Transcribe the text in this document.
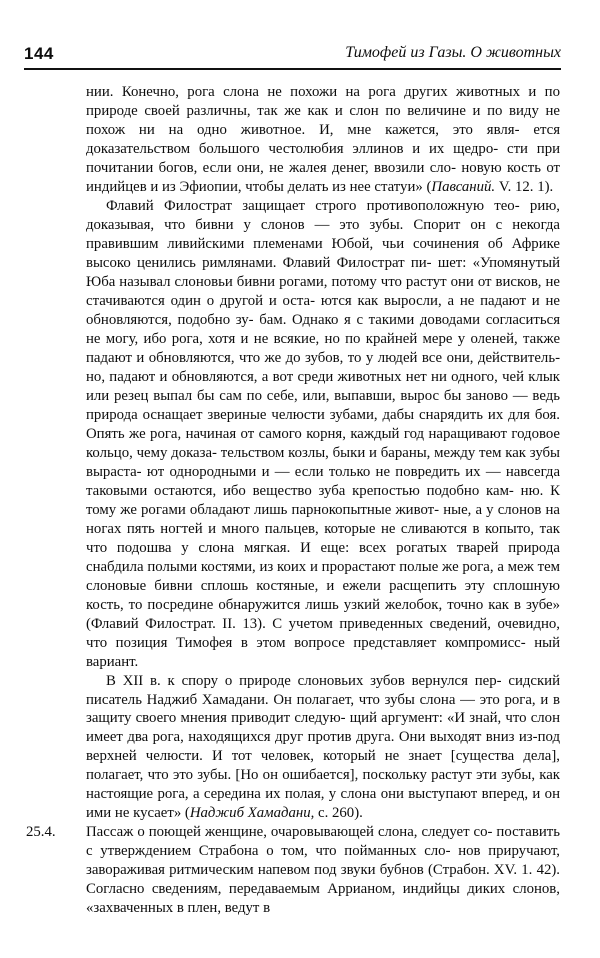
144	Тимофей из Газы. О животных

нии. Конечно, рога слона не похожи на рога других животных и по природе своей различны, так же как и слон по величине и по виду не похож ни на одно животное. И, мне кажется, это явля- ется доказательством большого честолюбия эллинов и их щедро- сти при почитании богов, если они, не жалея денег, ввозили сло- новую кость от индийцев и из Эфиопии, чтобы делать из нее статуи» (Павсаний. V. 12. 1).

Флавий Филострат защищает строго противоположную тео- рию, доказывая, что бивни у слонов — это зубы. Спорит он с некогда правившим ливийскими племенами Юбой, чьи сочинения об Африке высоко ценились римлянами. Флавий Филострат пи- шет: «Упомянутый Юба называл слоновьи бивни рогами, потому что растут они от висков, не стачиваются один о другой и оста- ются как выросли, а не падают и не обновляются, подобно зу- бам. Однако я с такими доводами согласиться не могу, ибо рога, хотя и не всякие, но по крайней мере у оленей, также падают и обновляются, что же до зубов, то у людей все они, действитель- но, падают и обновляются, а вот среди животных нет ни одного, чей клык или резец выпал бы сам по себе, или, выпавши, вырос бы заново — ведь природа оснащает звериные челюсти зубами, дабы снарядить их для боя. Опять же рога, начиная от самого корня, каждый год наращивают годовое кольцо, чему доказа- тельством козлы, быки и бараны, между тем как зубы выраста- ют однородными и — если только не повредить их — навсегда таковыми остаются, ибо вещество зуба крепостью подобно кам- ню. К тому же рогами обладают лишь парнокопытные живот- ные, а у слонов на ногах пять ногтей и много пальцев, которые не сливаются в копыто, так что подошва у слона мягкая. И еще: всех рогатых тварей природа снабдила полыми костями, из коих и прорастают полые же рога, а меж тем слоновые бивни сплошь костяные, и ежели расщепить эту сплошную кость, то посредине обнаружится лишь узкий желобок, точно как в зубе» (Флавий Филострат. II. 13). С учетом приведенных сведений, очевидно, что позиция Тимофея в этом вопросе представляет компромисс- ный вариант.

В XII в. к спору о природе слоновьих зубов вернулся пер- сидский писатель Наджиб Хамадани. Он полагает, что зубы слона — это рога, и в защиту своего мнения приводит следую- щий аргумент: «И знай, что слон имеет два рога, находящихся друг против друга. Они выходят вниз из-под верхней челюсти. И тот человек, который не знает [существа дела], полагает, что это зубы. [Но он ошибается], поскольку растут эти зубы, как настоящие рога, а середина их полая, у слона они выступают вперед, и он ими не кусает» (Наджиб Хамадани, с. 260).

25.4. Пассаж о поющей женщине, очаровывающей слона, следует со- поставить с утверждением Страбона о том, что пойманных сло- нов приручают, завораживая ритмическим напевом под звуки бубнов (Страбон. XV. 1. 42). Согласно сведениям, передаваемым Аррианом, индийцы диких слонов, «захваченных в плен, ведут в
